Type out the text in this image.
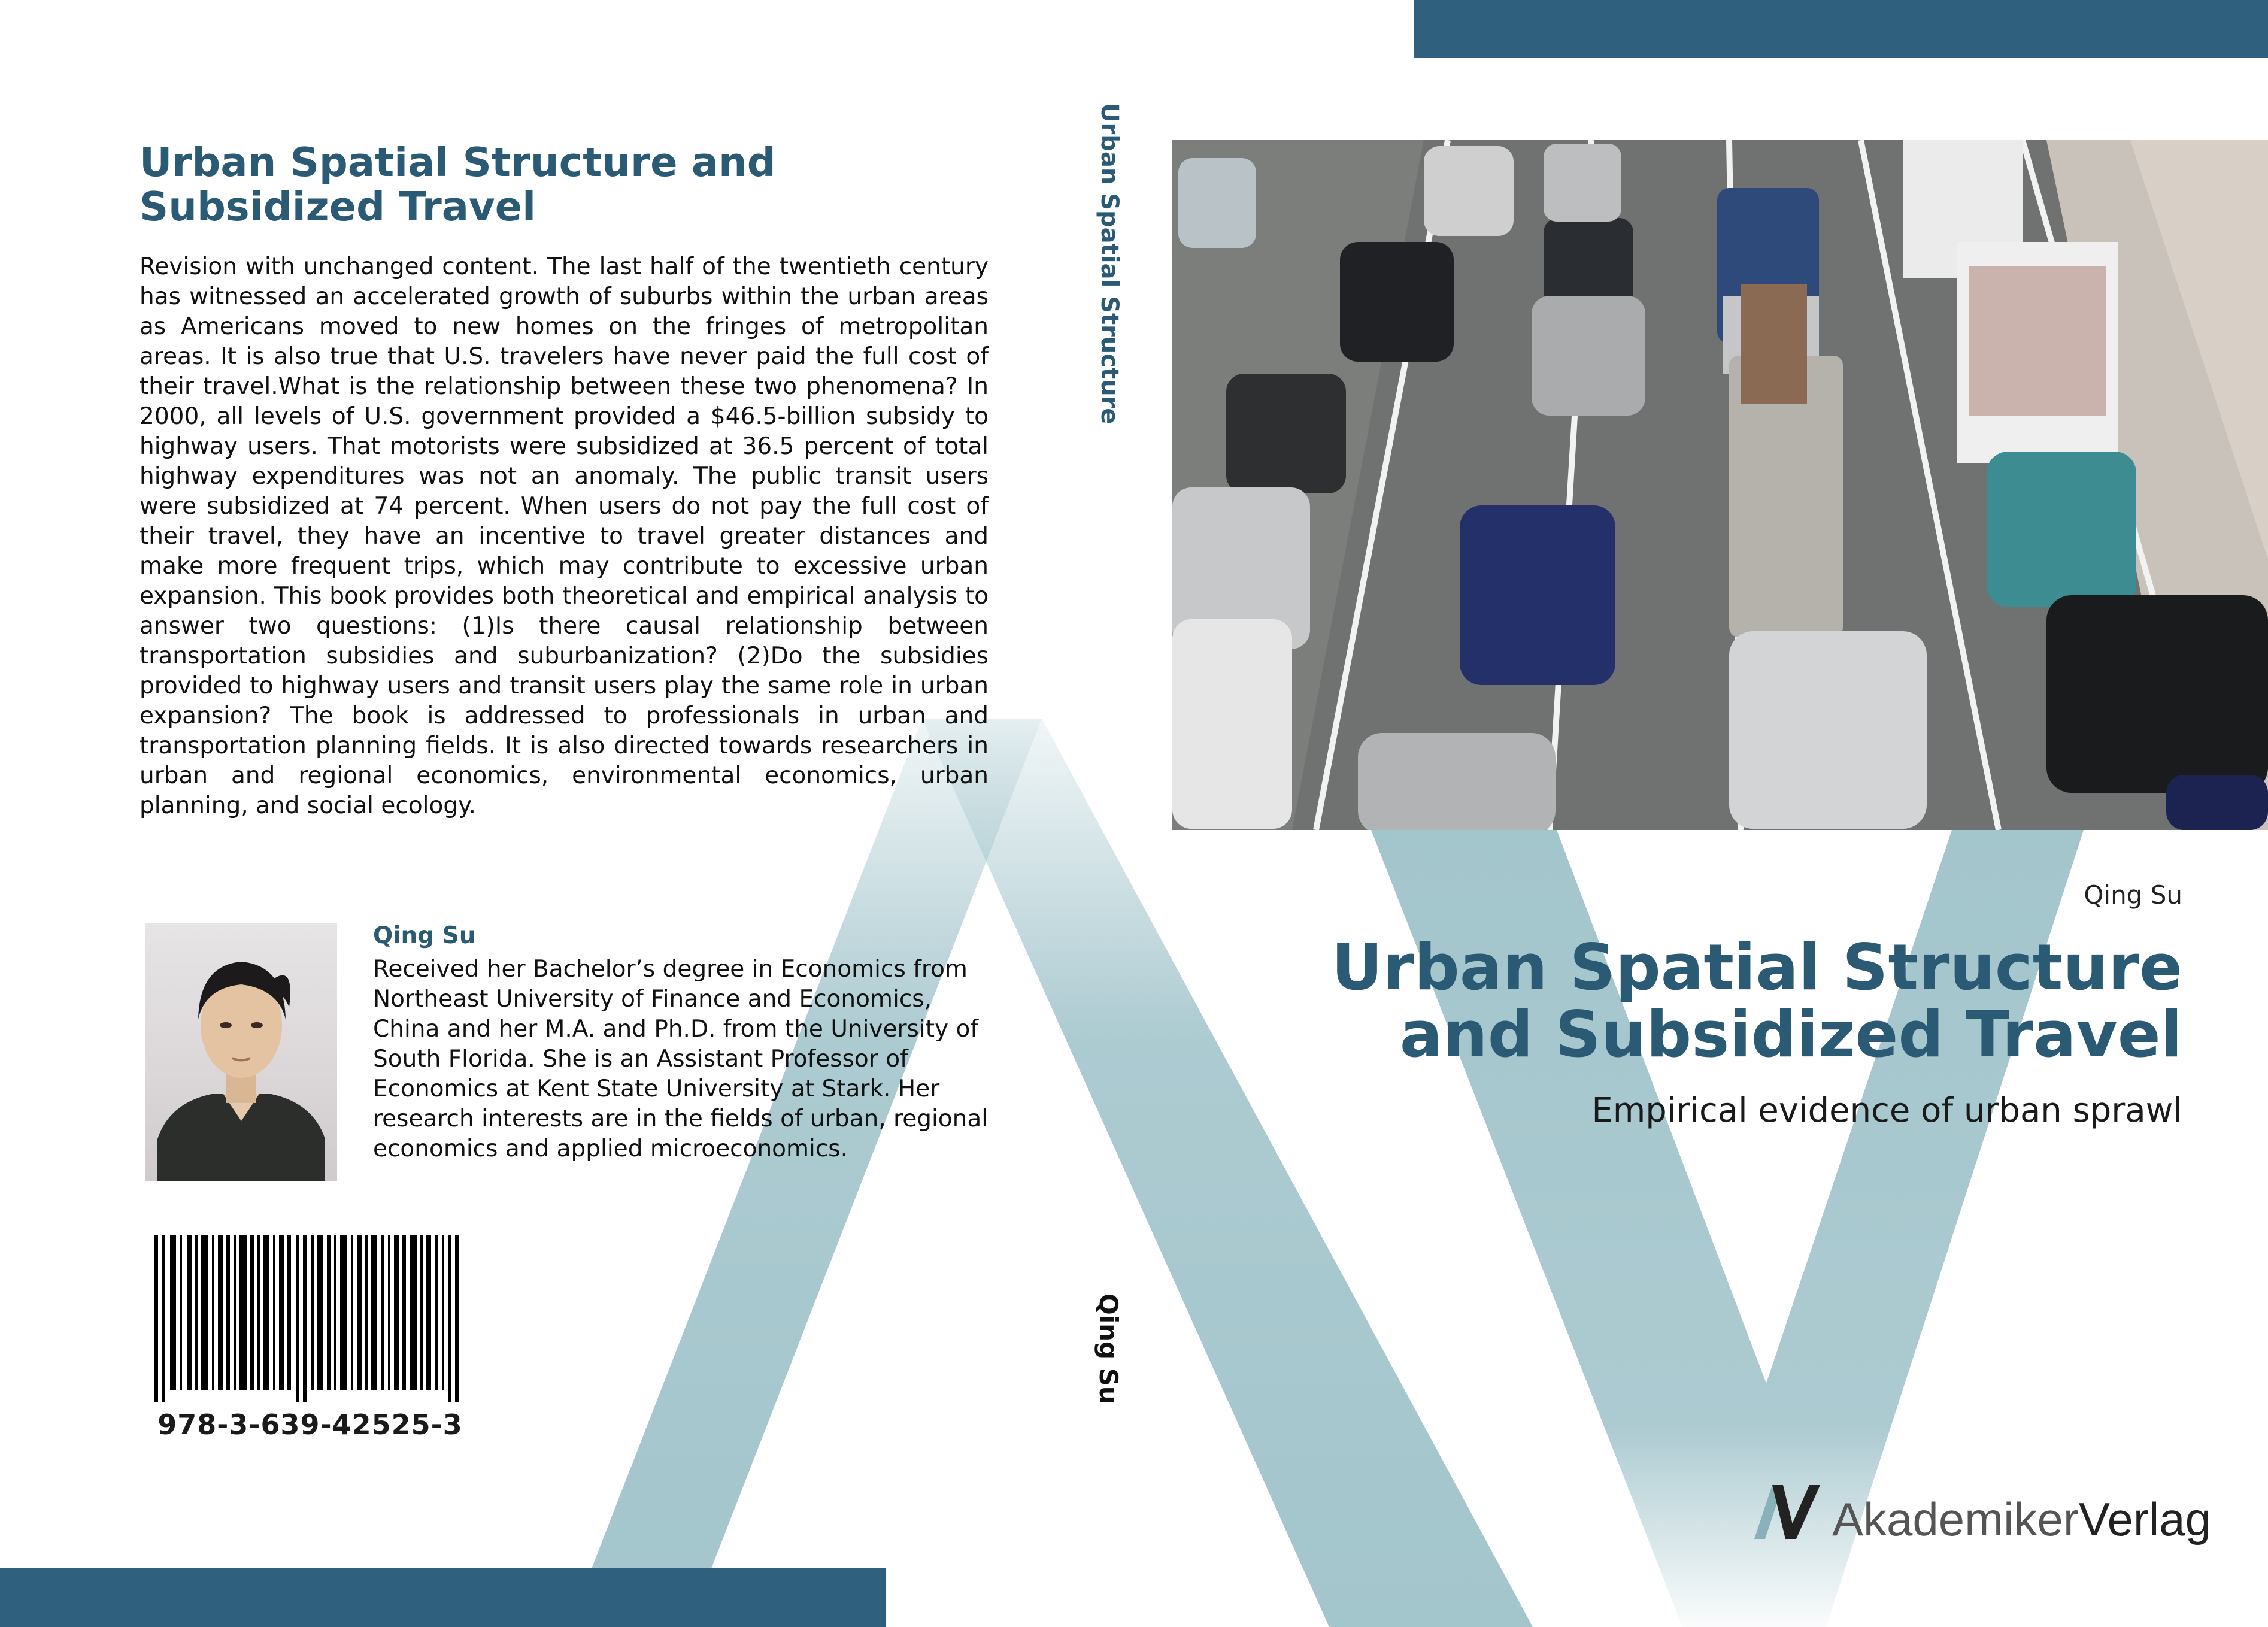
Urban Spatial Structure and Subsidized Travel
Revision with unchanged content. The last half of the twentieth century has witnessed an accelerated growth of suburbs within the urban areas as Americans moved to new homes on the fringes of metropolitan areas. It is also true that U.S. travelers have never paid the full cost of their travel.What is the relationship between these two phenomena? In 2000, all levels of U.S. government provided a $46.5-billion subsidy to highway users. That motorists were subsidized at 36.5 percent of total highway expenditures was not an anomaly. The public transit users were subsidized at 74 percent. When users do not pay the full cost of their travel, they have an incentive to travel greater distances and make more frequent trips, which may contribute to excessive urban expansion. This book provides both theoretical and empirical analysis to answer two questions: (1)Is there causal relationship between transportation subsidies and suburbanization? (2)Do the subsidies provided to highway users and transit users play the same role in urban expansion? The book is addressed to professionals in urban and transportation planning fields. It is also directed towards researchers in urban and regional economics, environmental economics, urban planning, and social ecology.
Qing Su
Received her Bachelor’s degree in Economics from Northeast University of Finance and Economics, China and her M.A. and Ph.D. from the University of South Florida. She is an Assistant Professor of Economics at Kent State University at Stark. Her research interests are in the fields of urban, regional economics and applied microeconomics.
978-3-639-42525-3
Urban Spatial Structure
Qing Su
Qing Su
Urban Spatial Structure and Subsidized Travel
Empirical evidence of urban sprawl
AkademikerVerlag
